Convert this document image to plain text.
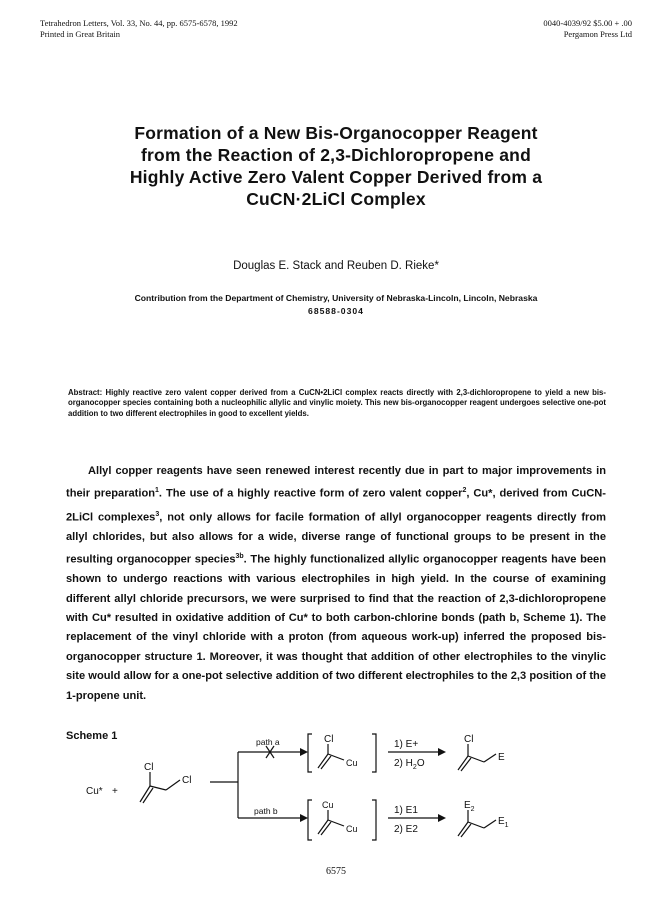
Tetrahedron Letters, Vol. 33, No. 44, pp. 6575-6578, 1992
Printed in Great Britain
0040-4039/92 $5.00 + .00
Pergamon Press Ltd
Formation of a New Bis-Organocopper Reagent
from the Reaction of 2,3-Dichloropropene and
Highly Active Zero Valent Copper Derived from a
CuCN·2LiCl Complex
Douglas E. Stack and Reuben D. Rieke*
Contribution from the Department of Chemistry, University of Nebraska-Lincoln, Lincoln, Nebraska
68588-0304
Abstract: Highly reactive zero valent copper derived from a CuCN•2LiCl complex reacts directly with 2,3-dichloropropene to yield a new bis-organocopper species containing both a nucleophilic allylic and vinylic moiety. This new bis-organocopper reagent undergoes selective one-pot addition to two different electrophiles in good to excellent yields.
Allyl copper reagents have seen renewed interest recently due in part to major improvements in their preparation$^1$. The use of a highly reactive form of zero valent copper$^2$, Cu*, derived from CuCN-2LiCl complexes$^3$, not only allows for facile formation of allyl organocopper reagents directly from allyl chlorides, but also allows for a wide, diverse range of functional groups to be present in the resulting organocopper species$^{3b}$. The highly functionalized allylic organocopper reagents have been shown to undergo reactions with various electrophiles in high yield. In the course of examining different allyl chloride precursors, we were surprised to find that the reaction of 2,3-dichloropropene with Cu* resulted in oxidative addition of Cu* to both carbon-chlorine bonds (path b, Scheme 1). The replacement of the vinyl chloride with a proton (from aqueous work-up) inferred the proposed bis-organocopper structure 1. Moreover, it was thought that addition of other electrophiles to the vinylic site would allow for a one-pot selective addition of two different electrophiles to the 2,3 position of the 1-propene unit.
Scheme 1
Cu* +
Cl
Cl
path a
path b
Cl
Cu
Cu
Cu
1) E+
2) $H_2O$
1) E1
2) E2
Cl
E
$E_2$
$E_1$
6575
